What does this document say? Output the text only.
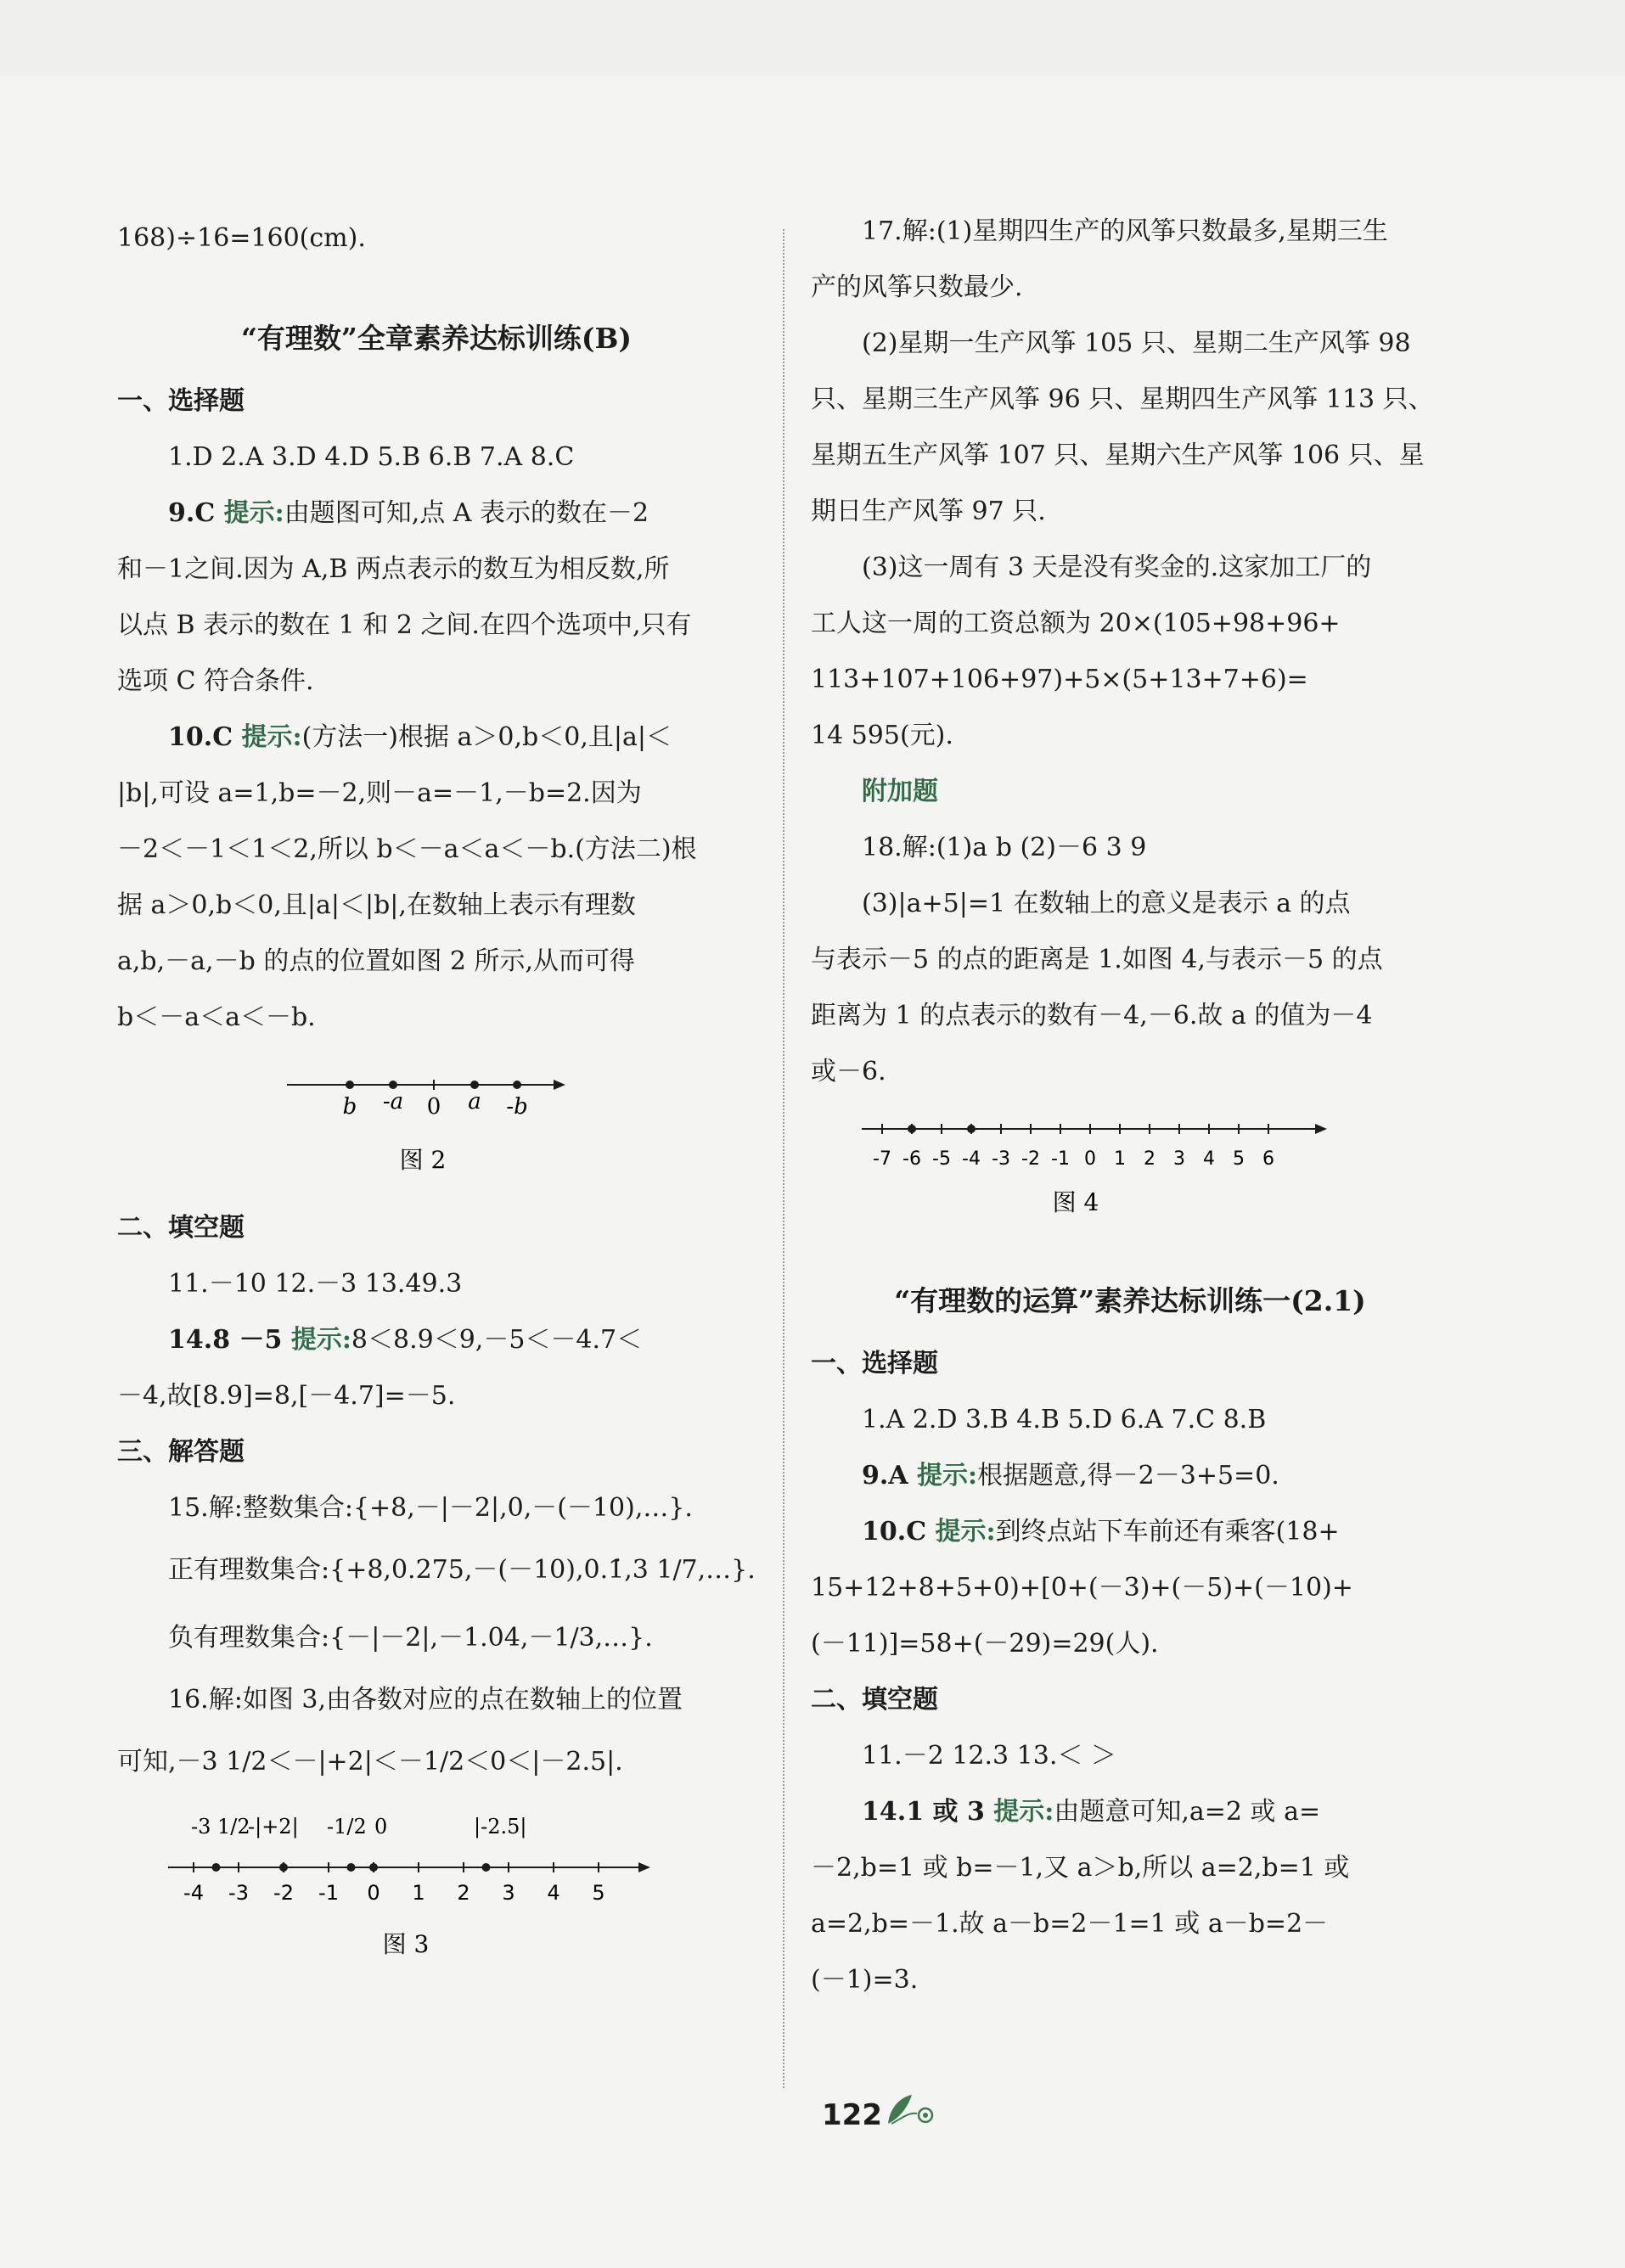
168)÷16=160(cm).

“有理数”全章素养达标训练(B)

一、选择题

1.D 2.A 3.D 4.D 5.B 6.B 7.A 8.C

9.C 提示:由题图可知,点 A 表示的数在－2

和－1之间.因为 A,B 两点表示的数互为相反数,所

以点 B 表示的数在 1 和 2 之间.在四个选项中,只有

选项 C 符合条件.

10.C 提示:(方法一)根据 a＞0,b＜0,且|a|＜

|b|,可设 a=1,b=－2,则－a=－1,－b=2.因为

－2＜－1＜1＜2,所以 b＜－a＜a＜－b.(方法二)根

据 a＞0,b＜0,且|a|＜|b|,在数轴上表示有理数

a,b,－a,－b 的点的位置如图 2 所示,从而可得

b＜－a＜a＜－b.

b -a 0 a -b
图 2

二、填空题

11.－10 12.－3 13.49.3

14.8 －5 提示:8＜8.9＜9,－5＜－4.7＜

－4,故[8.9]=8,[－4.7]=－5.

三、解答题

15.解:整数集合:{+8,－|－2|,0,－(－10),…}.

正有理数集合:{+8,0.275,－(－10),0.1̇,3 1/7,…}.

负有理数集合:{－|－2|,－1.04,－1/3,…}.

16.解:如图 3,由各数对应的点在数轴上的位置

可知,－3 1/2＜－|+2|＜－1/2＜0＜|－2.5|.

-4 -3 -2 -1 0 1 2 3 4 5
-3 1/2
-|+2| -1/2 0	|-2.5|
图 3

17.解:(1)星期四生产的风筝只数最多,星期三生

产的风筝只数最少.

(2)星期一生产风筝 105 只、星期二生产风筝 98

只、星期三生产风筝 96 只、星期四生产风筝 113 只、

星期五生产风筝 107 只、星期六生产风筝 106 只、星

期日生产风筝 97 只.

(3)这一周有 3 天是没有奖金的.这家加工厂的

工人这一周的工资总额为 20×(105+98+96+

113+107+106+97)+5×(5+13+7+6)=

14 595(元).

附加题

18.解:(1)a b (2)－6 3 9

(3)|a+5|=1 在数轴上的意义是表示 a 的点

与表示－5 的点的距离是 1.如图 4,与表示－5 的点

距离为 1 的点表示的数有－4,－6.故 a 的值为－4

或－6.

-7 -6 -5 -4 -3 -2 -1 0 1 2 3 4 5 6
图 4
“有理数的运算”素养达标训练一(2.1)

一、选择题

1.A 2.D 3.B 4.B 5.D 6.A 7.C 8.B

9.A 提示:根据题意,得－2－3+5=0.

10.C 提示:到终点站下车前还有乘客(18+

15+12+8+5+0)+[0+(－3)+(－5)+(－10)+

(－11)]=58+(－29)=29(人).

二、填空题

11.－2 12.3 13.＜ ＞

14.1 或 3 提示:由题意可知,a=2 或 a=

－2,b=1 或 b=－1,又 a＞b,所以 a=2,b=1 或

a=2,b=－1.故 a－b=2－1=1 或 a－b=2－

(－1)=3.

122
